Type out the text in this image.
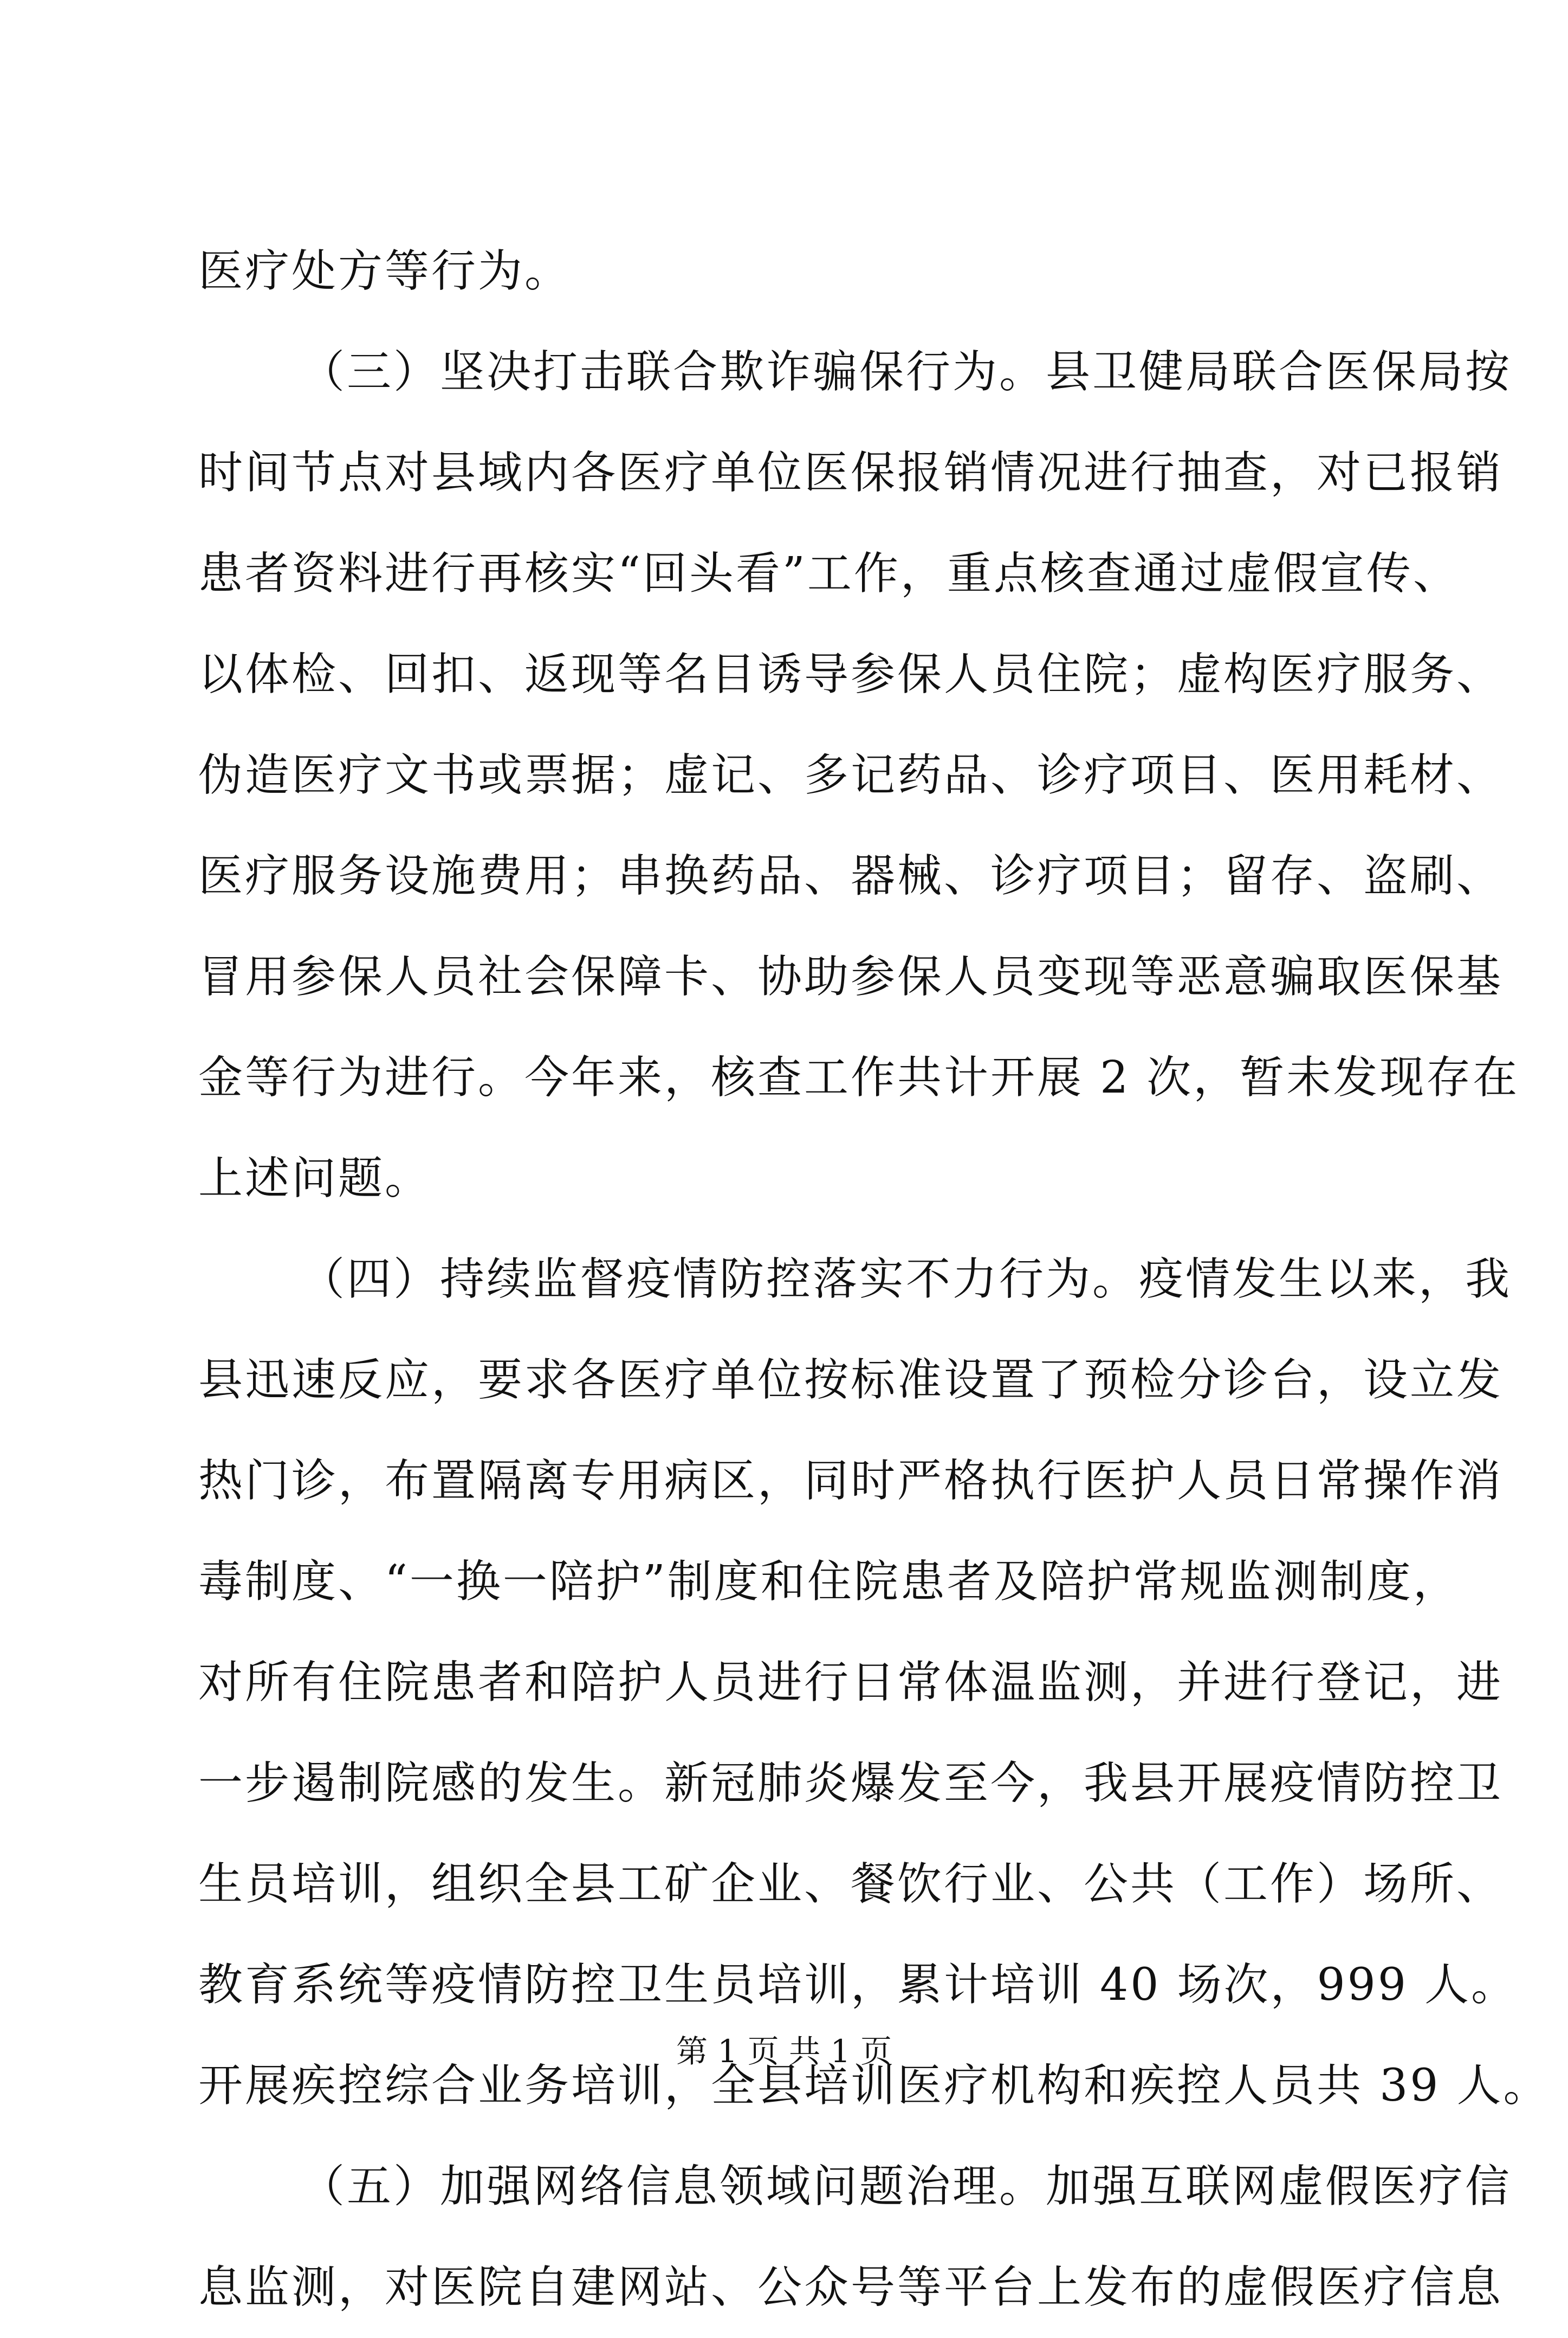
医疗处方等行为。
（三）坚决打击联合欺诈骗保行为。县卫健局联合医保局按
时间节点对县域内各医疗单位医保报销情况进行抽查，对已报销
患者资料进行再核实“回头看”工作，重点核查通过虚假宣传、
以体检、回扣、返现等名目诱导参保人员住院；虚构医疗服务、
伪造医疗文书或票据；虚记、多记药品、诊疗项目、医用耗材、
医疗服务设施费用；串换药品、器械、诊疗项目；留存、盗刷、
冒用参保人员社会保障卡、协助参保人员变现等恶意骗取医保基
金等行为进行。今年来，核查工作共计开展 2 次，暂未发现存在
上述问题。
（四）持续监督疫情防控落实不力行为。疫情发生以来，我
县迅速反应，要求各医疗单位按标准设置了预检分诊台，设立发
热门诊，布置隔离专用病区，同时严格执行医护人员日常操作消
毒制度、“一换一陪护”制度和住院患者及陪护常规监测制度，
对所有住院患者和陪护人员进行日常体温监测，并进行登记，进
一步遏制院感的发生。新冠肺炎爆发至今，我县开展疫情防控卫
生员培训，组织全县工矿企业、餐饮行业、公共（工作）场所、
教育系统等疫情防控卫生员培训，累计培训 40 场次，999 人。
开展疾控综合业务培训，全县培训医疗机构和疾控人员共 39 人。
（五）加强网络信息领域问题治理。加强互联网虚假医疗信
息监测，对医院自建网站、公众号等平台上发布的虚假医疗信息
第 1 页 共 1 页
